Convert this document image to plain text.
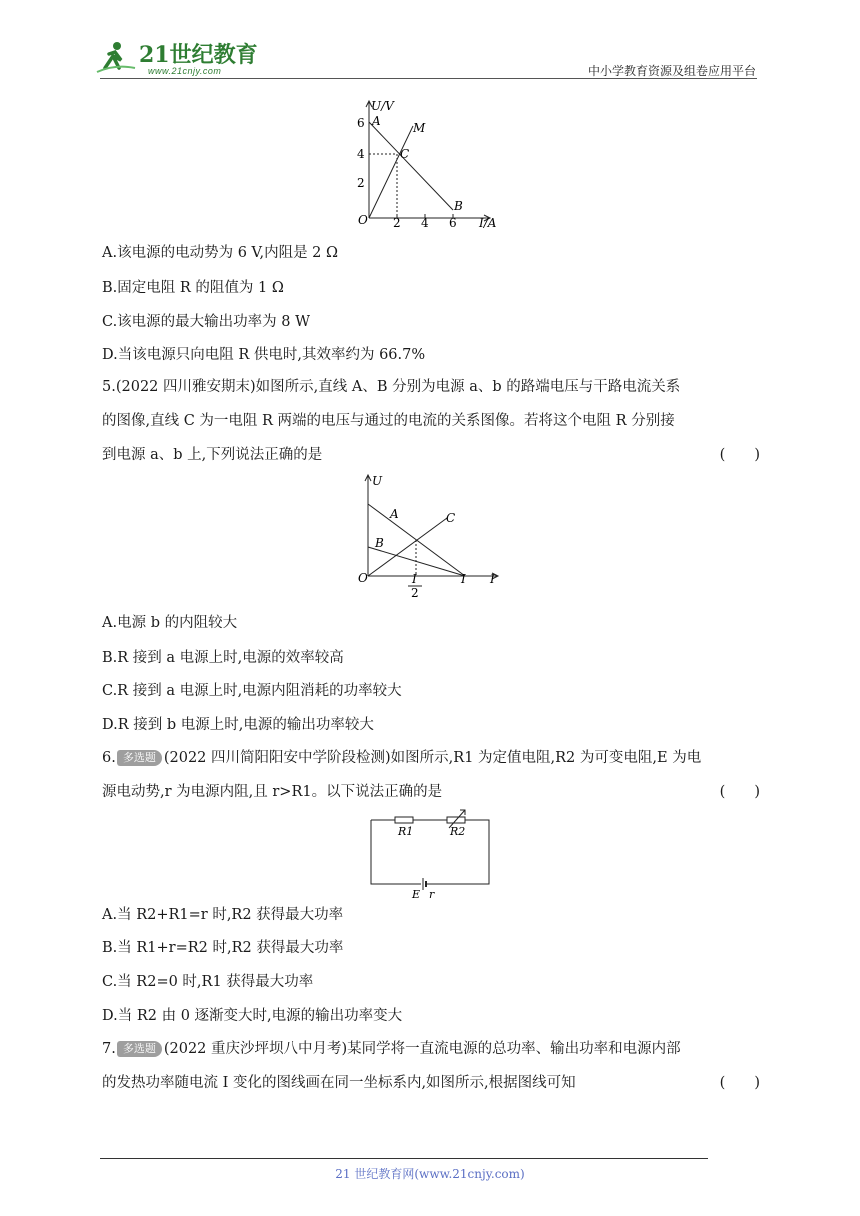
21世纪教育
www.21cnjy.com	中小学教育资源及组卷应用平台
U/V
6
4
2
O 2 4 6 I/A
A	M
C
B
A.该电源的电动势为 6 V,内阻是 2 Ω
B.固定电阻 R 的阻值为 1 Ω
C.该电源的最大输出功率为 8 W
D.当该电源只向电阻 R 供电时,其效率约为 66.7%
5.(2022 四川雅安期末)如图所示,直线 A、B 分别为电源 a、b 的路端电压与干路电流关系
的图像,直线 C 为一电阻 R 两端的电压与通过的电流的关系图像。若将这个电阻 R 分别接
到电源 a、b 上,下列说法正确的是	(　　)
U
A
B
C
O	I
2
I I
A.电源 b 的内阻较大
B.R 接到 a 电源上时,电源的效率较高
C.R 接到 a 电源上时,电源内阻消耗的功率较大
D.R 接到 b 电源上时,电源的输出功率较大
6. 多选题 (2022 四川简阳阳安中学阶段检测)如图所示,R1 为定值电阻,R2 为可变电阻,E 为电
源电动势,r 为电源内阻,且 r>R1。以下说法正确的是	(　　)
R1	R2
E r
A.当 R2+R1=r 时,R2 获得最大功率
B.当 R1+r=R2 时,R2 获得最大功率
C.当 R2=0 时,R1 获得最大功率
D.当 R2 由 0 逐渐变大时,电源的输出功率变大
7. 多选题 (2022 重庆沙坪坝八中月考)某同学将一直流电源的总功率、输出功率和电源内部
的发热功率随电流 I 变化的图线画在同一坐标系内,如图所示,根据图线可知	(　　)
21 世纪教育网(www.21cnjy.com)
